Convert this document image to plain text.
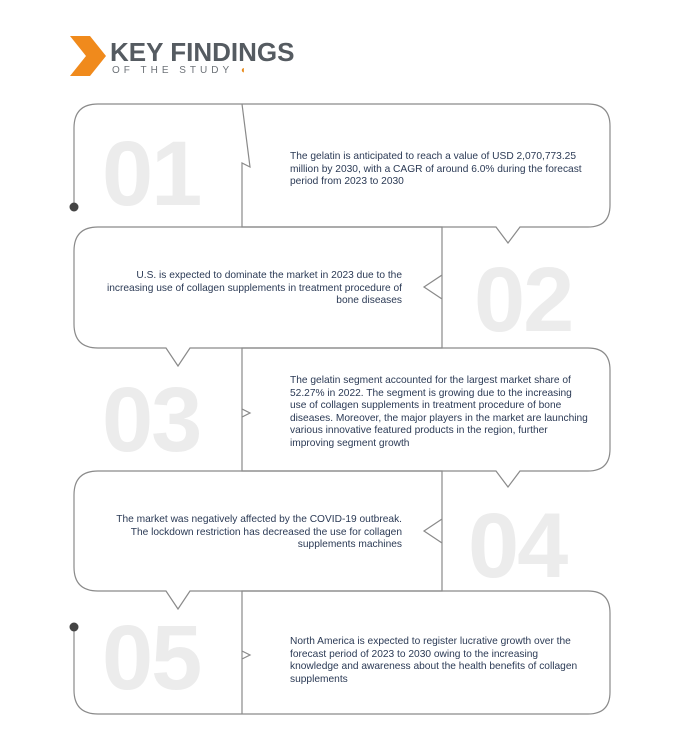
KEY FINDINGS
OF THE STUDY ◖
01	The gelatin is anticipated to reach a value of USD 2,070,773.25 million by 2030, with a CAGR of around 6.0% during the forecast period from 2023 to 2030
02
U.S. is expected to dominate the market in 2023 due to the increasing use of collagen supplements in treatment procedure of bone diseases
03	The gelatin segment accounted for the largest market share of 52.27% in 2022. The segment is growing due to the increasing use of collagen supplements in treatment procedure of bone diseases. Moreover, the major players in the market are launching various innovative featured products in the region, further improving segment growth
04
The market was negatively affected by the COVID-19 outbreak. The lockdown restriction has decreased the use for collagen supplements machines
05	North America is expected to register lucrative growth over the forecast period of 2023 to 2030 owing to the increasing knowledge and awareness about the health benefits of collagen supplements
